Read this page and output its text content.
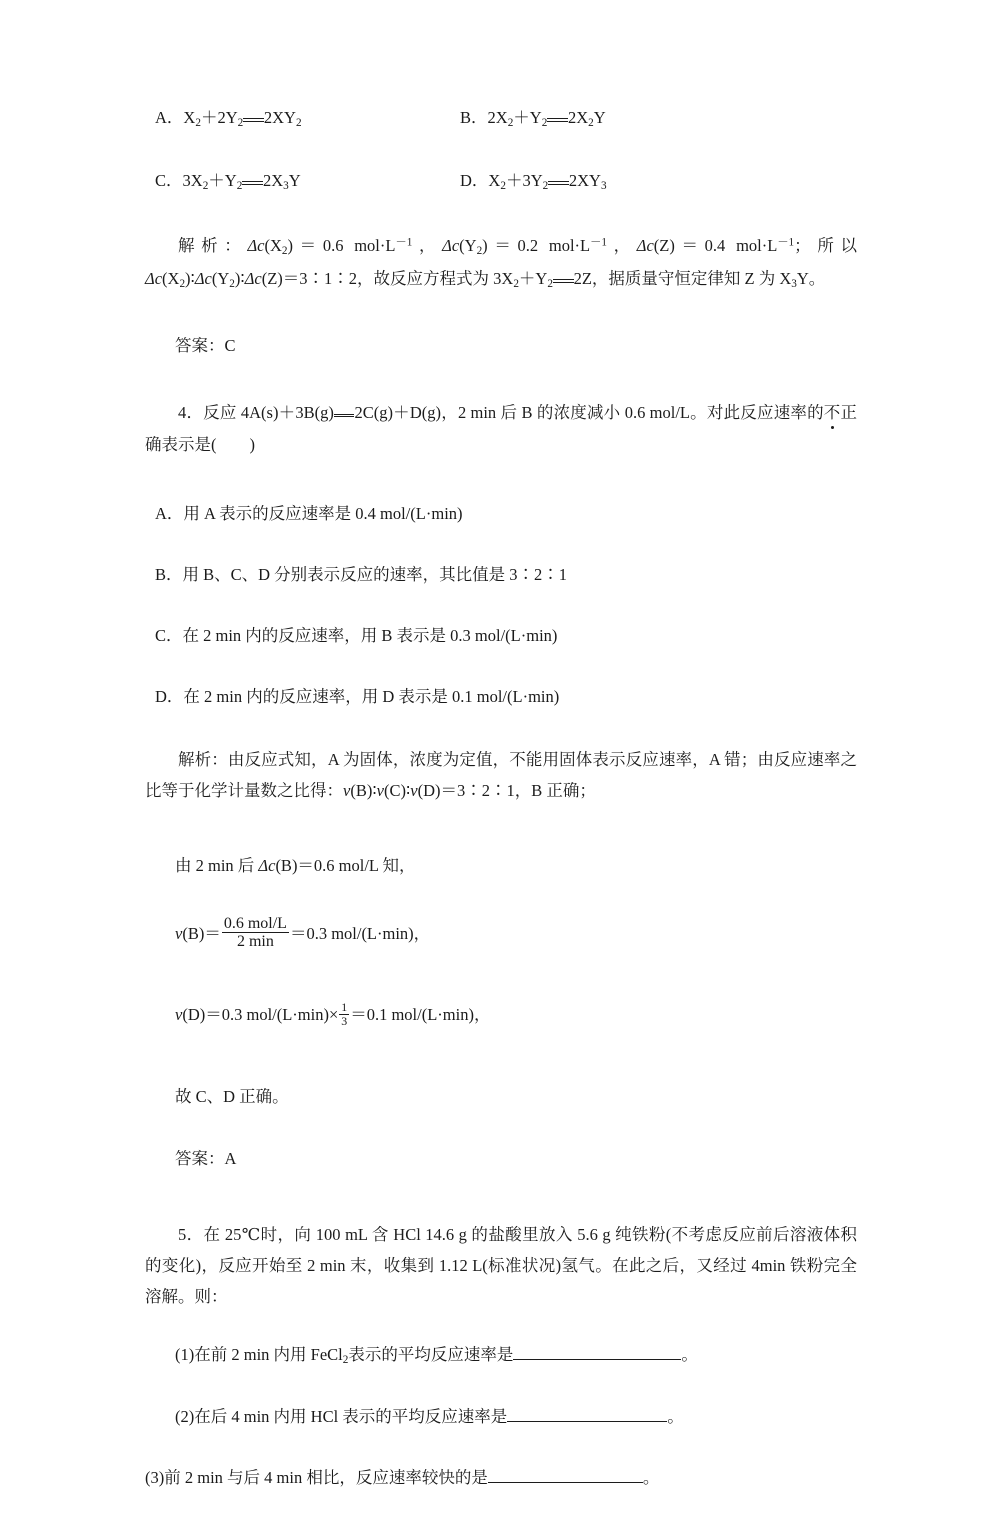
A．$X_2+2Y_2$ $2XY_2$	B．$2X_2+Y_2$ $2X_2Y$
C．$3X_2+Y_2$ $2X_3Y$	D．$X_2+3Y_2$ $2XY_3$
解析：$\Delta c(X_2)=0.6$ $mol\cdot L^{-1}$，$\Delta c(Y_2)=0.2$ $mol\cdot L^{-1}$，Δc(Z)＝0.4 $mol\cdot L^{-1}$；所以 $\Delta c(X_2)∶\Delta c(Y_2)∶\Delta c(Z)=3∶1∶2$，故反应方程式为 $3X_2+Y_2$ 2Z，据质量守恒定律知 Z 为 $X_3Y$。
答案：C
4．反应 4A(s)＋3B(g) 2C(g)＋D(g)，2 min 后 B 的浓度减小 0.6 mol/L。对此反应速率的不正确表示是(　　)
A．用 A 表示的反应速率是 0.4 mol/(L·min)
B．用 B、C、D 分别表示反应的速率，其比值是 3∶2∶1
C．在 2 min 内的反应速率，用 B 表示是 0.3 mol/(L·min)
D．在 2 min 内的反应速率，用 D 表示是 0.1 mol/(L·min)
解析：由反应式知，A 为固体，浓度为定值，不能用固体表示反应速率，A 错；由反应速率之比等于化学计量数之比得：v(B)∶v(C)∶v(D)＝3∶2∶1，B 正确；
由 2 min 后 Δc(B)＝0.6 mol/L 知，
$v(B)= \frac{\text{0.6 mol/L}}{2 \min} =0.3$ mol/(L·min)，
v(D)＝0.3 $mol/(L\cdot\min)\times \frac{1}{3} =0.1$ mol/(L·min)，
故 C、D 正确。
答案：A
5．在 25℃时，向 100 mL 含 HCl 14.6 g 的盐酸里放入 5.6 g 纯铁粉(不考虑反应前后溶液体积的变化)，反应开始至 2 min 末，收集到 1.12 L(标准状况)氢气。在此之后，又经过 4min 铁粉完全溶解。则：
(1)在前 2 min 内用 FeCl$_2$表示的平均反应速率是	。
(2)在后 4 min 内用 HCl 表示的平均反应速率是	。
(3)前 2 min 与后 4 min 相比，反应速率较快的是	。
